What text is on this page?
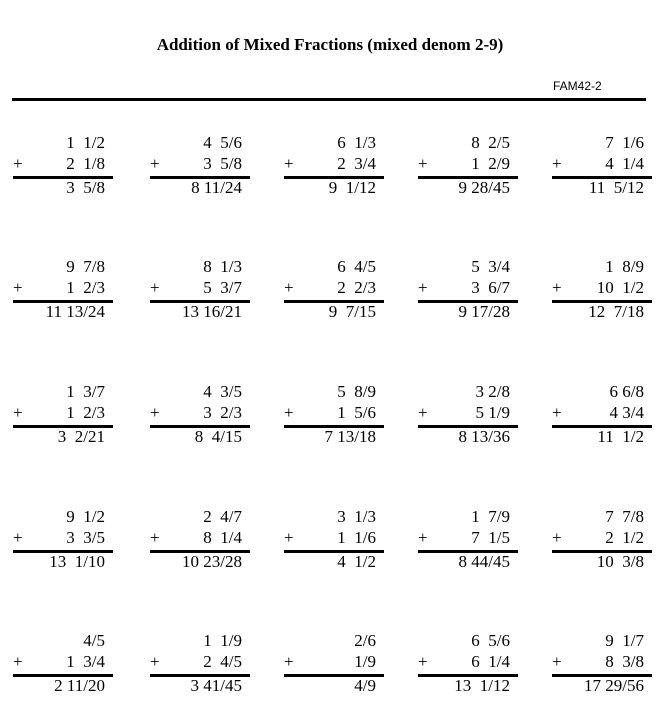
Addition of Mixed Fractions (mixed denom 2-9)
FAM42-2
1  1/2
+	2  1/8
3  5/8
4  5/6
+	3  5/8
8 11/24
6  1/3
+	2  3/4
9  1/12
8  2/5
+	1  2/9
9 28/45
7  1/6
+	4  1/4
11  5/12
9  7/8
+	1  2/3
11 13/24
8  1/3
+	5  3/7
13 16/21
6  4/5
+	2  2/3
9  7/15
5  3/4
+	3  6/7
9 17/28
1  8/9
+ 10  1/2
12  7/18
1  3/7
+	1  2/3
3  2/21
4  3/5
+	3  2/3
8  4/15
5  8/9
+	1  5/6
7 13/18
3 2/8
+	5 1/9
8 13/36
6 6/8
+	4 3/4
11  1/2
9  1/2
+	3  3/5
13  1/10
2  4/7
+	8  1/4
10 23/28
3  1/3
+	1  1/6
4  1/2
1  7/9
+	7  1/5
8 44/45
7  7/8
+	2  1/2
10  3/8
4/5
+	1  3/4
2 11/20
1  1/9
+	2  4/5
3 41/45
2/6
+	1/9
4/9
6  5/6
+	6  1/4
13  1/12
9  1/7
+	8  3/8
17 29/56
